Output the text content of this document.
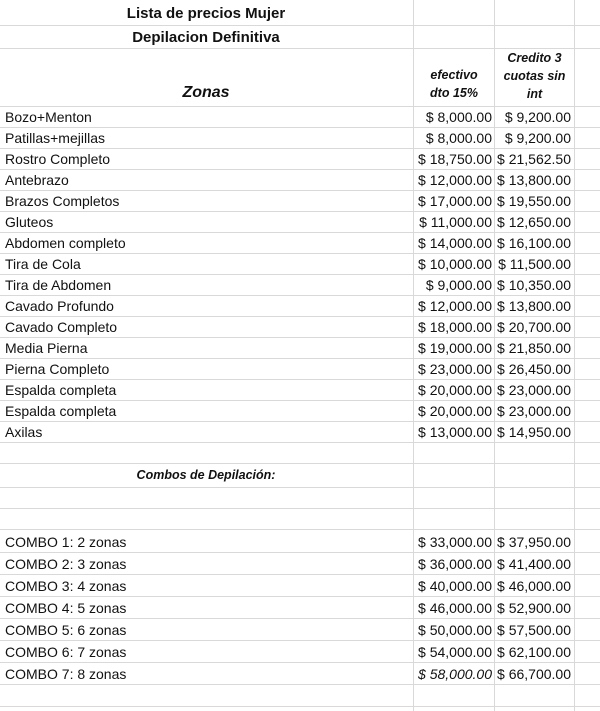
Lista de precios Mujer
Depilacion Definitiva
Zonas
efectivo
dto 15%
Credito 3
cuotas sin
int
Bozo+Menton	$ 8,000.00 $ 9,200.00
Patillas+mejillas	$ 8,000.00 $ 9,200.00
Rostro Completo	$ 18,750.00 $ 21,562.50
Antebrazo	$ 12,000.00 $ 13,800.00
Brazos Completos	$ 17,000.00 $ 19,550.00
Gluteos	$ 11,000.00 $ 12,650.00
Abdomen completo	$ 14,000.00 $ 16,100.00
Tira de Cola	$ 10,000.00 $ 11,500.00
Tira de Abdomen	$ 9,000.00 $ 10,350.00
Cavado Profundo	$ 12,000.00 $ 13,800.00
Cavado Completo	$ 18,000.00 $ 20,700.00
Media Pierna	$ 19,000.00 $ 21,850.00
Pierna Completo	$ 23,000.00 $ 26,450.00
Espalda completa	$ 20,000.00 $ 23,000.00
Espalda completa	$ 20,000.00 $ 23,000.00
Axilas	$ 13,000.00 $ 14,950.00
Combos de Depilación:
COMBO 1: 2 zonas	$ 33,000.00 $ 37,950.00
COMBO 2: 3 zonas	$ 36,000.00 $ 41,400.00
COMBO 3: 4 zonas	$ 40,000.00 $ 46,000.00
COMBO 4: 5 zonas	$ 46,000.00 $ 52,900.00
COMBO 5: 6 zonas	$ 50,000.00 $ 57,500.00
COMBO 6: 7 zonas	$ 54,000.00 $ 62,100.00
COMBO 7: 8 zonas	$ 58,000.00 $ 66,700.00
